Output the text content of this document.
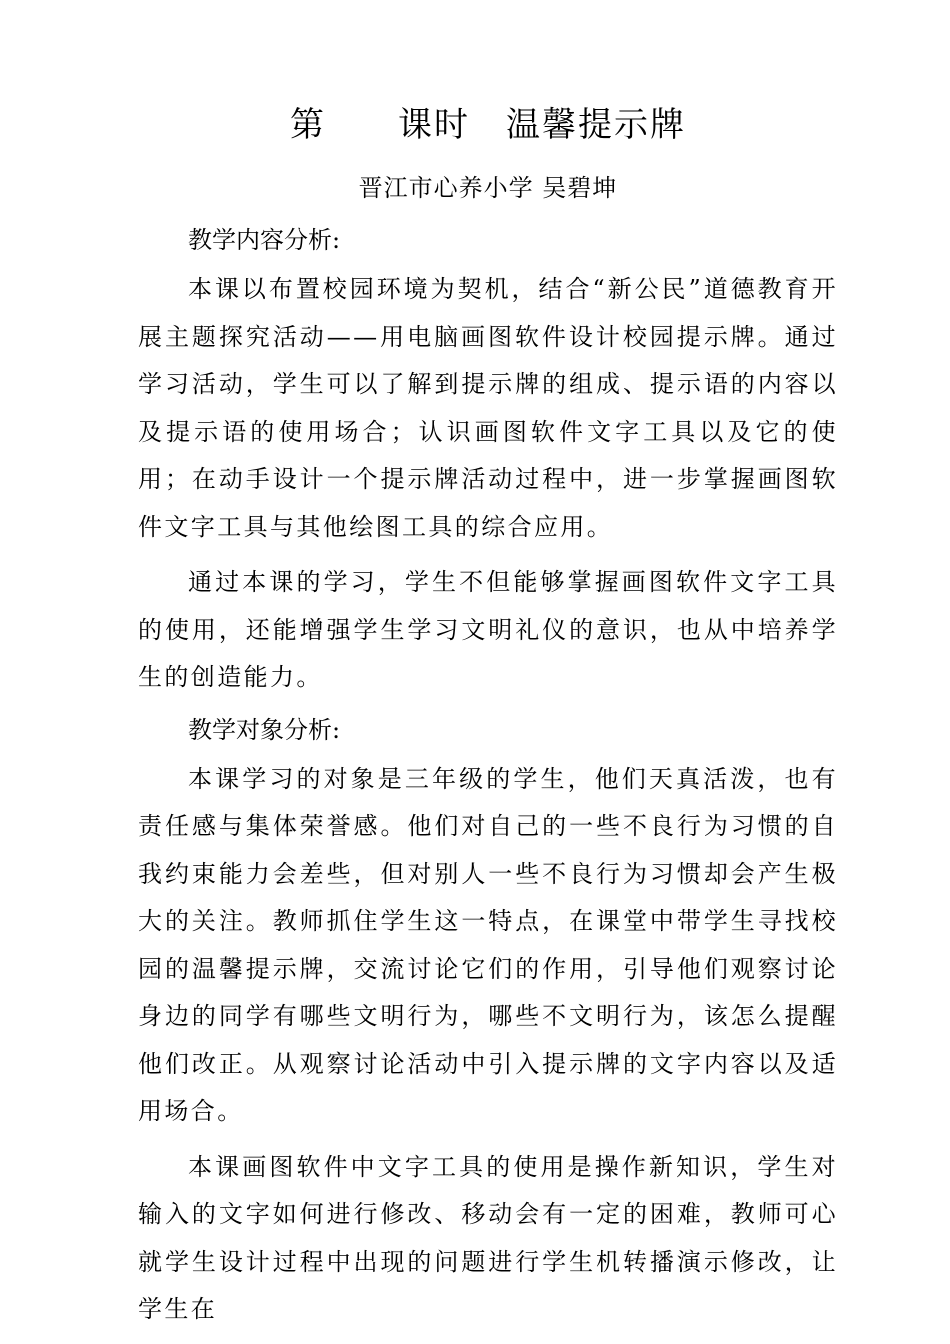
第　　课时　温馨提示牌
晋江市心养小学 吴碧坤
教学内容分析:

本课以布置校园环境为契机，结合“新公民”道德教育开展主题探究活动——用电脑画图软件设计校园提示牌。通过学习活动，学生可以了解到提示牌的组成、提示语的内容以及提示语的使用场合；认识画图软件文字工具以及它的使用；在动手设计一个提示牌活动过程中，进一步掌握画图软件文字工具与其他绘图工具的综合应用。

通过本课的学习，学生不但能够掌握画图软件文字工具的使用，还能增强学生学习文明礼仪的意识，也从中培养学生的创造能力。

教学对象分析:

本课学习的对象是三年级的学生，他们天真活泼，也有责任感与集体荣誉感。他们对自己的一些不良行为习惯的自我约束能力会差些，但对别人一些不良行为习惯却会产生极大的关注。教师抓住学生这一特点，在课堂中带学生寻找校园的温馨提示牌，交流讨论它们的作用，引导他们观察讨论身边的同学有哪些文明行为，哪些不文明行为，该怎么提醒他们改正。从观察讨论活动中引入提示牌的文字内容以及适用场合。

本课画图软件中文字工具的使用是操作新知识，学生对输入的文字如何进行修改、移动会有一定的困难，教师可心就学生设计过程中出现的问题进行学生机转播演示修改，让学生在
